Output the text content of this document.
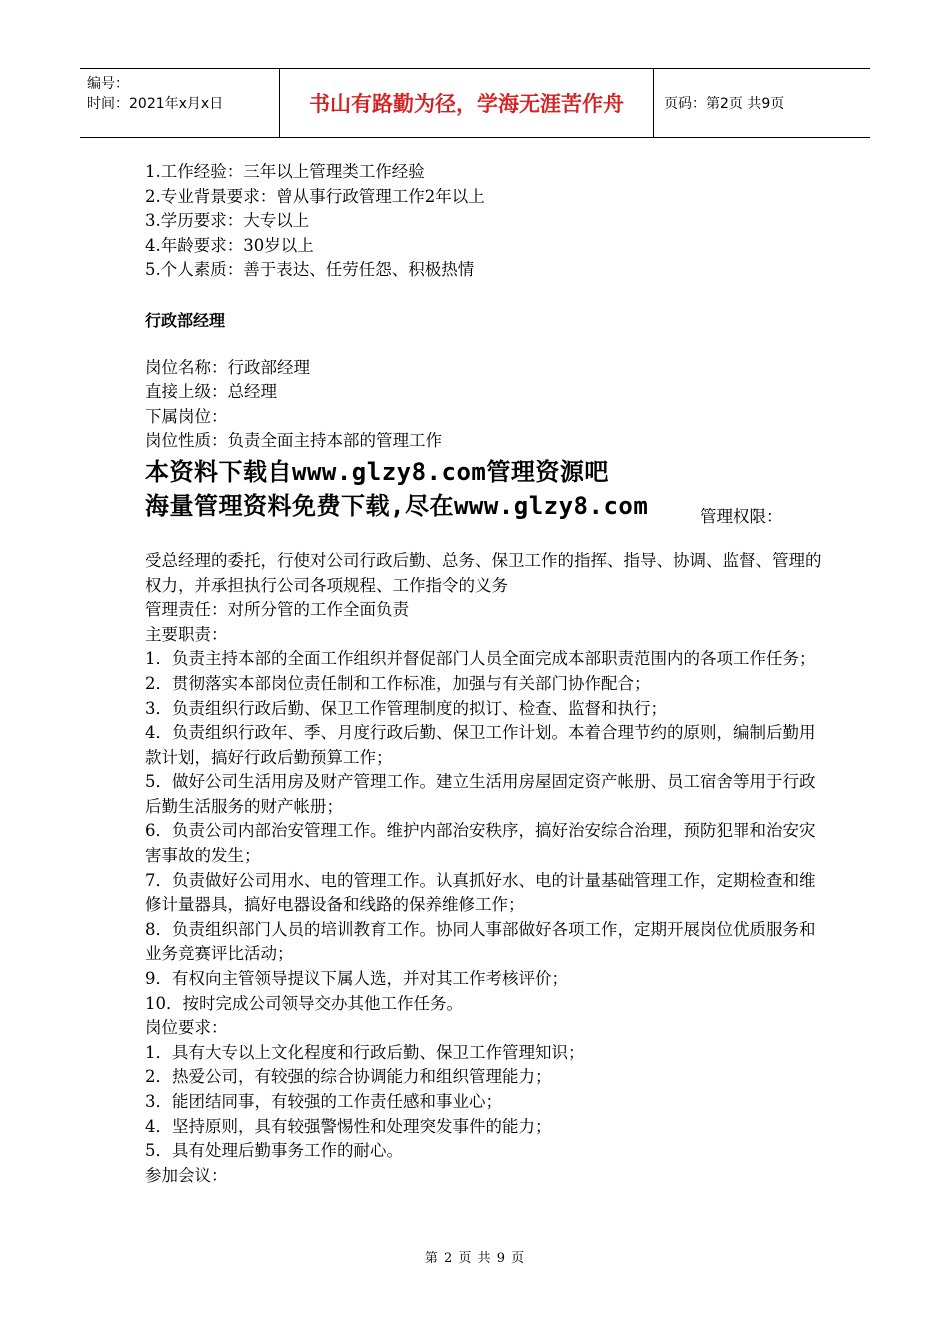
编号：
时间：2021年x月x日	书山有路勤为径，学海无涯苦作舟	页码：第2页 共9页

1.工作经验：三年以上管理类工作经验

2.专业背景要求：曾从事行政管理工作2年以上

3.学历要求：大专以上

4.年龄要求：30岁以上

5.个人素质：善于表达、任劳任怨、积极热情

行政部经理

岗位名称：行政部经理

直接上级：总经理

下属岗位：

岗位性质：负责全面主持本部的管理工作

本资料下载自www.glzy8.com管理资源吧
海量管理资料免费下载,尽在www.glzy8.com	管理权限：

受总经理的委托，行使对公司行政后勤、总务、保卫工作的指挥、指导、协调、监督、管理的权力，并承担执行公司各项规程、工作指令的义务

管理责任：对所分管的工作全面负责

主要职责：

1．负责主持本部的全面工作组织并督促部门人员全面完成本部职责范围内的各项工作任务；

2．贯彻落实本部岗位责任制和工作标准，加强与有关部门协作配合；

3．负责组织行政后勤、保卫工作管理制度的拟订、检查、监督和执行；

4．负责组织行政年、季、月度行政后勤、保卫工作计划。本着合理节约的原则，编制后勤用款计划，搞好行政后勤预算工作；

5．做好公司生活用房及财产管理工作。建立生活用房屋固定资产帐册、员工宿舍等用于行政后勤生活服务的财产帐册；

6．负责公司内部治安管理工作。维护内部治安秩序，搞好治安综合治理，预防犯罪和治安灾害事故的发生；

7．负责做好公司用水、电的管理工作。认真抓好水、电的计量基础管理工作，定期检查和维修计量器具，搞好电器设备和线路的保养维修工作；

8．负责组织部门人员的培训教育工作。协同人事部做好各项工作，定期开展岗位优质服务和业务竞赛评比活动；

9．有权向主管领导提议下属人选，并对其工作考核评价；

10．按时完成公司领导交办其他工作任务。

岗位要求：

1．具有大专以上文化程度和行政后勤、保卫工作管理知识；

2．热爱公司，有较强的综合协调能力和组织管理能力；

3．能团结同事，有较强的工作责任感和事业心；

4．坚持原则，具有较强警惕性和处理突发事件的能力；

5．具有处理后勤事务工作的耐心。

参加会议：

第 2 页 共 9 页
